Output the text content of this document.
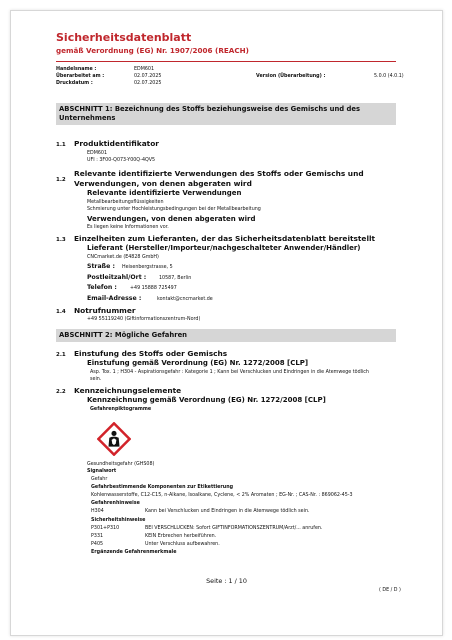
Sicherheitsdatenblatt
gemäß Verordnung (EG) Nr. 1907/2006 (REACH)
Handelsname :	EDM601
Überarbeitet am :	02.07.2025	Version (Überarbeitung) :	5.0.0 (4.0.1)
Druckdatum :	02.07.2025
ABSCHNITT 1: Bezeichnung des Stoffs beziehungsweise des Gemischs und des Unternehmens
1.1 Produktidentifikator
EDM601
UFI : 3F00-Q073-Y00Q-4QV5
1.2
Relevante identifizierte Verwendungen des Stoffs oder Gemischs und
Verwendungen, von denen abgeraten wird
Relevante identifizierte Verwendungen
Metallbearbeitungsflüssigkeiten
Schmierung unter Hochleistungsbedingungen bei der Metallbearbeitung
Verwendungen, von denen abgeraten wird
Es liegen keine Informationen vor.
1.3 Einzelheiten zum Lieferanten, der das Sicherheitsdatenblatt bereitstellt
Lieferant (Hersteller/Importeur/nachgeschalteter Anwender/Händler)
CNCmarket.de (E4828 GmbH)
Straße : Heisenbergstrasse, 5
Postleitzahl/Ort :	10587, Berlin
Telefon :	+49 15888 725497
Email-Adresse :	kontakt@cncmarket.de
1.4 Notrufnummer
+49 55119240 (Giftinformationszentrum-Nord)
ABSCHNITT 2: Mögliche Gefahren
2.1 Einstufung des Stoffs oder Gemischs
Einstufung gemäß Verordnung (EG) Nr. 1272/2008 [CLP]
Asp. Tox. 1 ; H304 - Aspirationsgefahr : Kategorie 1 ; Kann bei Verschlucken und Eindringen in die Atemwege tödlich
sein.
2.2 Kennzeichnungselemente
Kennzeichnung gemäß Verordnung (EG) Nr. 1272/2008 [CLP]
Gefahrenpiktogramme
Gesundheitsgefahr (GHS08)
Signalwort
Gefahr
Gefahrbestimmende Komponenten zur Etikettierung
Kohlenwasserstoffe, C12-C15, n-Alkane, Isoalkane, Cyclene, < 2% Aromaten ; EG-Nr. ; CAS-Nr. : 869062-45-3
Gefahrenhinweise
H304	Kann bei Verschlucken und Eindringen in die Atemwege tödlich sein.
Sicherheitshinweise
P301+P310	BEI VERSCHLUCKEN: Sofort GIFTINFORMATIONSZENTRUM/Arzt/... anrufen.
P331	KEIN Erbrechen herbeiführen.
P405	Unter Verschluss aufbewahren.
Ergänzende Gefahrenmerkmale
Seite : 1 / 10
( DE / D )
